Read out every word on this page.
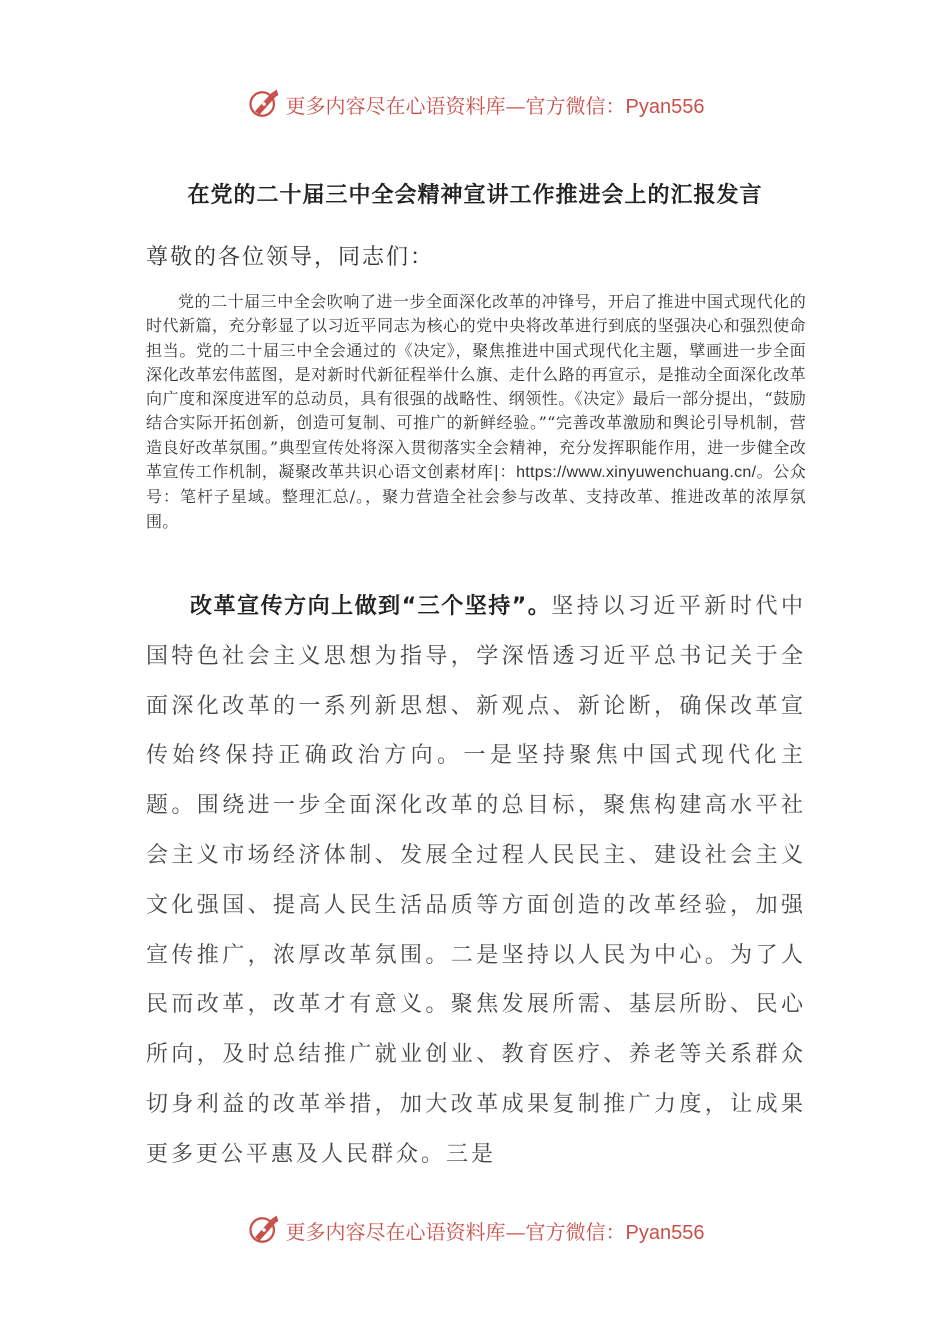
更多内容尽在心语资料库—官方微信：Pyan556
在党的二十届三中全会精神宣讲工作推进会上的汇报发言
尊敬的各位领导，同志们：
党的二十届三中全会吹响了进一步全面深化改革的冲锋号，开启了推进中国式现代化的时代新篇，充分彰显了以习近平同志为核心的党中央将改革进行到底的坚强决心和强烈使命担当。党的二十届三中全会通过的《决定》，聚焦推进中国式现代化主题，擘画进一步全面深化改革宏伟蓝图，是对新时代新征程举什么旗、走什么路的再宣示，是推动全面深化改革向广度和深度进军的总动员，具有很强的战略性、纲领性。《决定》最后一部分提出，“鼓励结合实际开拓创新，创造可复制、可推广的新鲜经验。”“完善改革激励和舆论引导机制，营造良好改革氛围。”典型宣传处将深入贯彻落实全会精神，充分发挥职能作用，进一步健全改革宣传工作机制，凝聚改革共识心语文创素材库|：https://www.xinyuwenchuang.cn/。公众号：笔杆子星域。整理汇总/。，聚力营造全社会参与改革、支持改革、推进改革的浓厚氛围。
改革宣传方向上做到“三个坚持”。坚持以习近平新时代中国特色社会主义思想为指导，学深悟透习近平总书记关于全面深化改革的一系列新思想、新观点、新论断，确保改革宣传始终保持正确政治方向。一是坚持聚焦中国式现代化主题。围绕进一步全面深化改革的总目标，聚焦构建高水平社会主义市场经济体制、发展全过程人民民主、建设社会主义文化强国、提高人民生活品质等方面创造的改革经验，加强宣传推广，浓厚改革氛围。二是坚持以人民为中心。为了人民而改革，改革才有意义。聚焦发展所需、基层所盼、民心所向，及时总结推广就业创业、教育医疗、养老等关系群众切身利益的改革举措，加大改革成果复制推广力度，让成果更多更公平惠及人民群众。三是
更多内容尽在心语资料库—官方微信：Pyan556
